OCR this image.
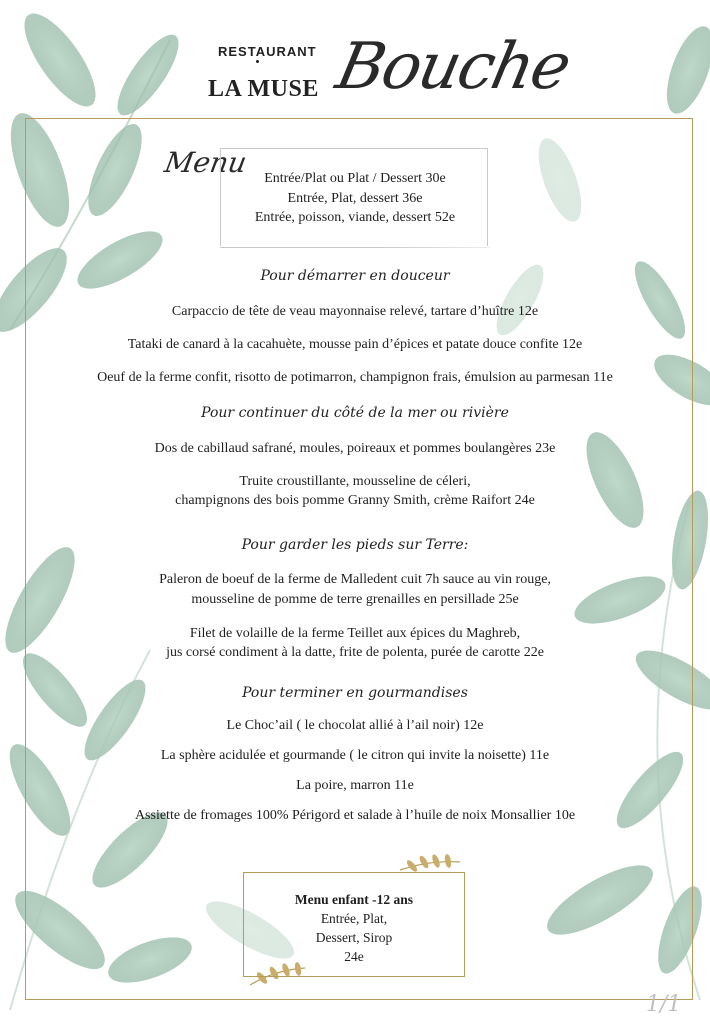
RESTAURANT
LA MUSE Bouche
Menu	Entrée/Plat ou Plat / Dessert 30e
Entrée, Plat, dessert 36e
Entrée, poisson, viande, dessert 52e
Pour démarrer en douceur
Carpaccio de tête de veau mayonnaise relevé, tartare d’huître 12e
Tataki de canard à la cacahuète, mousse pain d’épices et patate douce confite 12e
Oeuf de la ferme confit, risotto de potimarron, champignon frais, émulsion au parmesan 11e
Pour continuer du côté de la mer ou rivière
Dos de cabillaud safrané, moules, poireaux et pommes boulangères 23e
Truite croustillante, mousseline de céleri,
champignons des bois pomme Granny Smith, crème Raifort 24e
Pour garder les pieds sur Terre:
Paleron de boeuf de la ferme de Malledent cuit 7h sauce au vin rouge,
mousseline de pomme de terre grenailles en persillade 25e
Filet de volaille de la ferme Teillet aux épices du Maghreb,
jus corsé condiment à la datte, frite de polenta, purée de carotte 22e
Pour terminer en gourmandises
Le Choc’ail ( le chocolat allié à l’ail noir) 12e
La sphère acidulée et gourmande ( le citron qui invite la noisette) 11e
La poire, marron 11e
Assiette de fromages 100% Périgord et salade à l’huile de noix Monsallier 10e
Menu enfant -12 ans
Entrée, Plat,
Dessert, Sirop
24e
1/1
